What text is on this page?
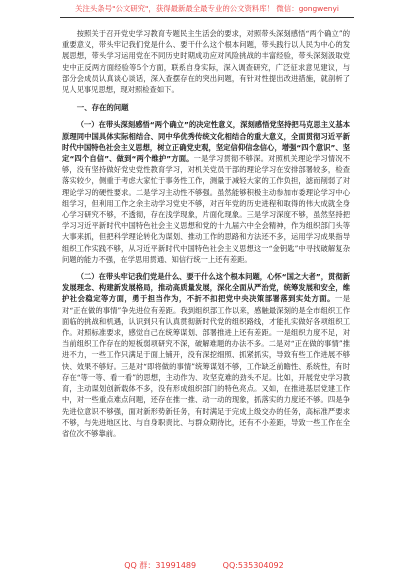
关注头条号"公文研究"，获得最新最全最专业的公文资料库！ 微信：gongwenyi

按照关于召开党史学习教育专题民主生活会的要求，对照带头深刻感悟“两个确立”的重要意义，带头牢记我们党是什么、要干什么这个根本问题，带头践行以人民为中心的发展思想，带头学习运用党在不同历史时期成功应对风险挑战的丰富经验，带头深刻汲取党史中正反两方面经验等5个方面，联系自身实际，深入调查研究，广泛征求意见建议，与部分会成员认真谈心谈话，深入查摆存在的突出问题，有针对性提出改进措施，就剖析了见人见事见思想，现对照检查如下。

一、存在的问题

（一）在带头深刻感悟“两个确立”的决定性意义，深刻感悟党坚持把马克思主义基本原理同中国具体实际相结合、同中华优秀传统文化相结合的重大意义，全面贯彻习近平新时代中国特色社会主义思想，树立正确党史观，坚定信仰信念信心，增强“四个意识”、坚定“四个自信”、做到“两个维护”方面。一是学习贯彻不够深。对照机关理论学习情况不够，没有坚持做好党史党性教育学习，对机关党员干部的理论学习在安排部署较多，检查落实较少，侧重于考虑大家忙于事务性工作，测量于减轻大家的工作负担，滤而削弱了对理论学习的硬性要求。二是学习主动性不够强。虽然能够积极主动参加市委理论学习中心组学习，但利用工作之余主动学习党史不够，对百年党的历史进程和取得的伟大成就全身心学习研究不够，不透彻，存在浅学现象，片面化现象。三是学习深度不够，虽然坚持把学习习近平新时代中国特色社会主义思想和党的十九届六中全会精神，作为组织部门头等大事来抓，但把科学理论转化为谋划、推动工作的思路和方法还不多，运用学习成果指导组织工作实践不够，从习近平新时代中国特色社会主义思想这一“金钥匙”中寻找破解复杂问题的能力不强，在学思用贯通、知信行统一上还有差距。

（二）在带头牢记我们党是什么、要干什么这个根本问题，心怀“国之大者”，贯彻新发展理念、构建新发展格局，推动高质量发展，深化全面从严治党，统筹发展和安全，维护社会稳定等方面，勇于担当作为，不折不扣把党中央决策部署落到实处方面。一是对“正在做的事情”争先进位有差距。我到组织部工作以来，感触最深刻的是全市组织工作面临的挑战和机遇，认识到只有认真贯彻新时代党的组织路线，才能扎实做好各项组织工作。对照标准要求，感觉自己在统筹谋划、部署推进上还有差距。一是组织力度不足，对当前组织工作存在的短板弱项研究不深，破解难题的办法不多。二是对“正在做的事情”推进不力，一些工作只满足于面上铺开，没有深挖细照、抓紧抓实，导致有些工作进展不够快、效果不够好。三是对“即将做的事情”统筹谋划不够，工作缺乏前瞻性、系统性，有时存在“等一等、看一看”的思想，主动作为、攻坚克难的劲头不足。比如，开展党史学习教育，主动谋划创新载体不多，没有形成组织部门的特色亮点。又如，在推进基层党建工作中，对一些重点难点问题，还存在推一推、动一动的现象，抓落实的力度还不够。四是争先进位意识不够强，面对新形势新任务，有时满足于完成上级交办的任务，高标准严要求不够，与先进地区比、与自身职责比、与群众期待比，还有不小差距，导致一些工作在全省位次不够靠前。

QQ 群：31991489	QQ:535304092
